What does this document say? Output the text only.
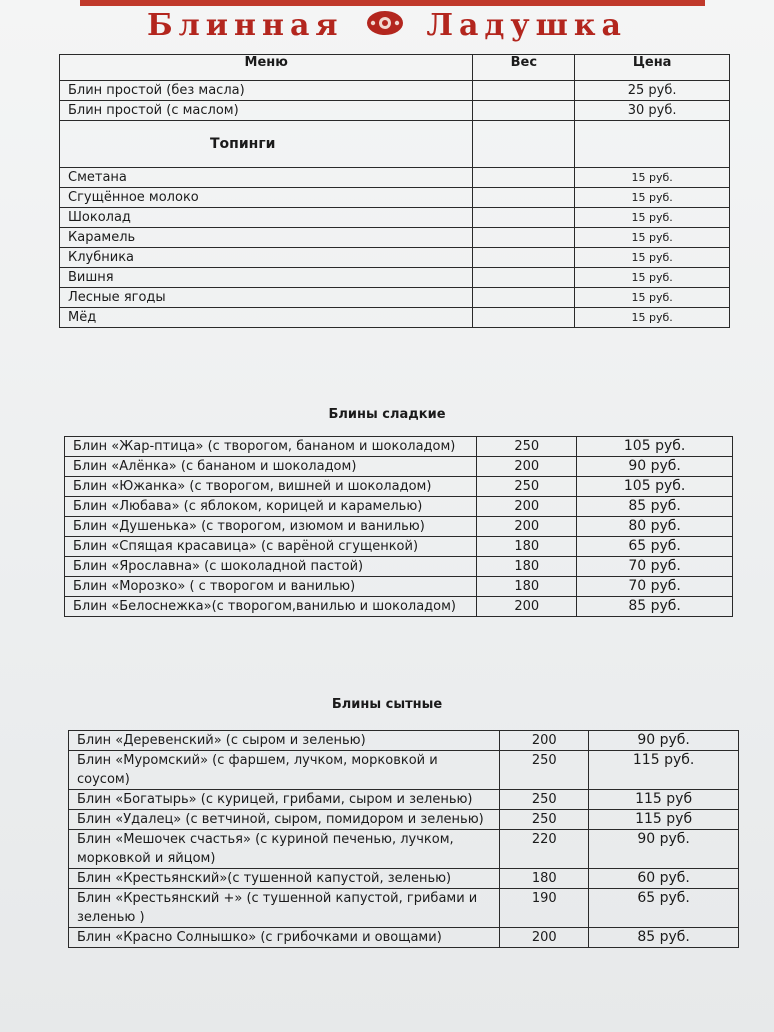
Блинная	Ладушка
Меню	Вес	Цена
Блин простой (без масла)		25 руб.
Блин простой (с маслом)		30 руб.
Топинги		
Сметана		15 руб.
Сгущённое молоко		15 руб.
Шоколад		15 руб.
Карамель		15 руб.
Клубника		15 руб.
Вишня		15 руб.
Лесные ягоды		15 руб.
Мёд		15 руб.
Блины сладкие
Блин «Жар-птица» (с творогом, бананом и шоколадом)	250	105 руб.
Блин «Алёнка» (с бананом и шоколадом)	200	90 руб.
Блин «Южанка» (с творогом, вишней и шоколадом)	250	105 руб.
Блин «Любава» (с яблоком, корицей и карамелью)	200	85 руб.
Блин «Душенька» (с творогом, изюмом и ванилью)	200	80 руб.
Блин «Спящая красавица» (с варёной сгущенкой)	180	65 руб.
Блин «Ярославна» (с шоколадной пастой)	180	70 руб.
Блин «Морозко» ( с творогом и ванилью)	180	70 руб.
Блин «Белоснежка»(с творогом,ванилью и шоколадом)	200	85 руб.
Блины сытные
Блин «Деревенский» (с сыром и зеленью)	200	90 руб.
Блин «Муромский» (с фаршем, лучком, морковкой и соусом)	250	115 руб.
Блин «Богатырь» (с курицей, грибами, сыром и зеленью)	250	115 руб
Блин «Удалец» (с ветчиной, сыром, помидором и зеленью)	250	115 руб
Блин «Мешочек счастья» (с куриной печенью, лучком, морковкой и яйцом)	220	90 руб.
Блин «Крестьянский»(с тушенной капустой, зеленью)	180	60 руб.
Блин «Крестьянский +» (с тушенной капустой, грибами и зеленью )	190	65 руб.
Блин «Красно Солнышко» (с грибочками и овощами)	200	85 руб.
